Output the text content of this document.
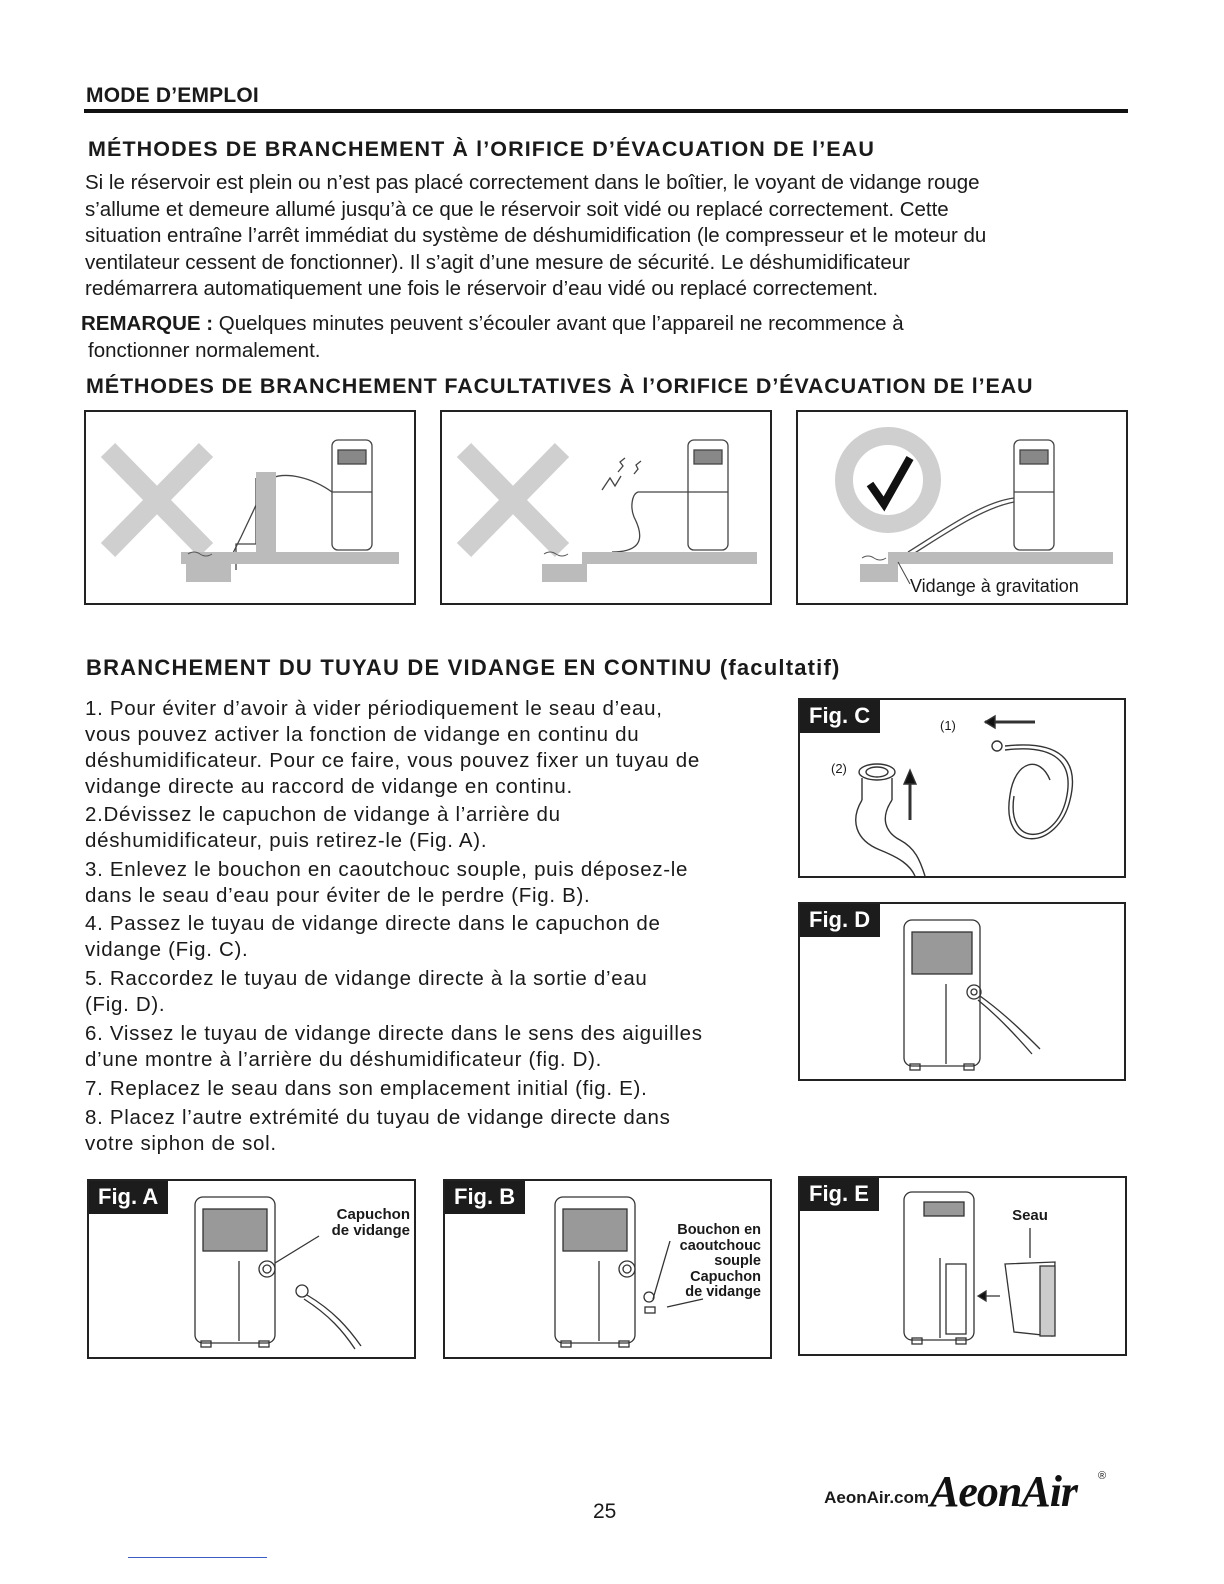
MODE D’EMPLOI
MÉTHODES DE BRANCHEMENT À l’ORIFICE D’ÉVACUATION DE l’EAU
Si le réservoir est plein ou n’est pas placé correctement dans le boîtier, le voyant de vidange rouge
s’allume et demeure allumé jusqu’à ce que le réservoir soit vidé ou replacé correctement. Cette
situation entraîne l’arrêt immédiat du système de déshumidification (le compresseur et le moteur du
ventilateur cessent de fonctionner). Il s’agit d’une mesure de sécurité. Le déshumidificateur
redémarrera automatiquement une fois le réservoir d’eau vidé ou replacé correctement.
REMARQUE : Quelques minutes peuvent s’écouler avant que l’appareil ne recommence à
fonctionner normalement.
MÉTHODES DE BRANCHEMENT FACULTATIVES À l’ORIFICE D’ÉVACUATION DE l’EAU
Vidange à gravitation
BRANCHEMENT DU TUYAU DE VIDANGE EN CONTINU (facultatif)
1. Pour éviter d’avoir à vider périodiquement le seau d’eau,
vous pouvez activer la fonction de vidange en continu du
déshumidificateur. Pour ce faire, vous pouvez fixer un tuyau de
vidange directe au raccord de vidange en continu.
2.Dévissez le capuchon de vidange à l’arrière du
déshumidificateur, puis retirez-le (Fig. A).
3. Enlevez le bouchon en caoutchouc souple, puis déposez-le
dans le seau d’eau pour éviter de le perdre (Fig. B).
4. Passez le tuyau de vidange directe dans le capuchon de
vidange (Fig. C).
5. Raccordez le tuyau de vidange directe à la sortie d’eau
(Fig. D).
6. Vissez le tuyau de vidange directe dans le sens des aiguilles
d’une montre à l’arrière du déshumidificateur (fig. D).
7. Replacez le seau dans son emplacement initial (fig. E).
8. Placez l’autre extrémité du tuyau de vidange directe dans
votre siphon de sol.
Fig. C	(1)
(2)
Fig. D
Fig. A
Capuchon
de vidange
Fig. B
Bouchon en
caoutchouc
souple
Capuchon
de vidange
Fig. E
Seau
AeonAir.com AeonAir ®
25
